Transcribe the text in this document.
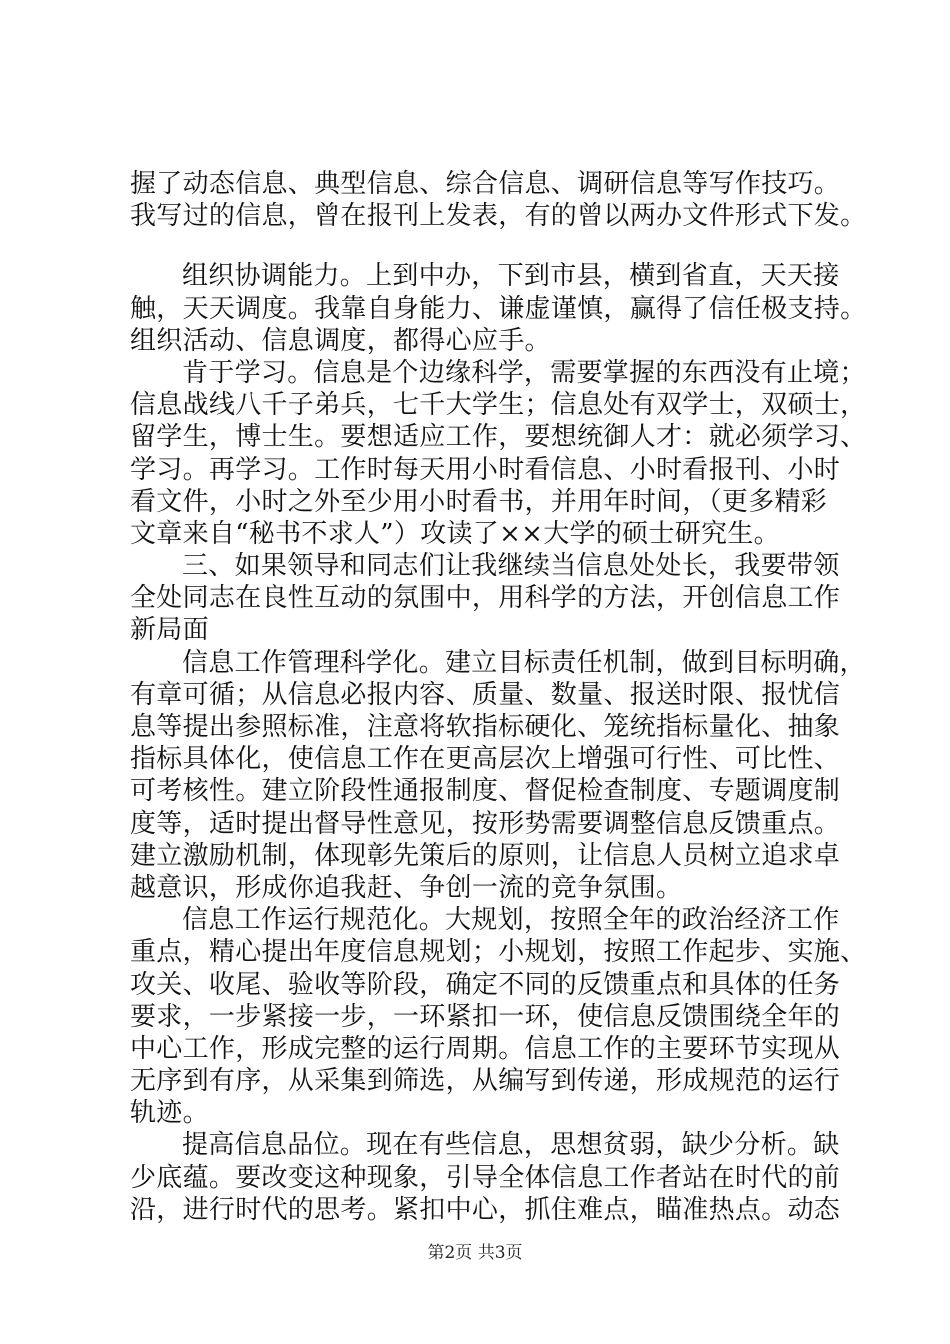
握了动态信息、典型信息、综合信息、调研信息等写作技巧。
我写过的信息，曾在报刊上发表，有的曾以两办文件形式下发。
组织协调能力。上到中办，下到市县，横到省直，天天接
触，天天调度。我靠自身能力、谦虚谨慎，赢得了信任极支持。
组织活动、信息调度，都得心应手。
肯于学习。信息是个边缘科学，需要掌握的东西没有止境；
信息战线八千子弟兵，七千大学生；信息处有双学士，双硕士，
留学生，博士生。要想适应工作，要想统御人才：就必须学习、
学习。再学习。工作时每天用小时看信息、小时看报刊、小时
看文件，小时之外至少用小时看书，并用年时间，（更多精彩
文章来自“秘书不求人”）攻读了××大学的硕士研究生。
三、如果领导和同志们让我继续当信息处处长，我要带领
全处同志在良性互动的氛围中，用科学的方法，开创信息工作
新局面
信息工作管理科学化。建立目标责任机制，做到目标明确，
有章可循；从信息必报内容、质量、数量、报送时限、报忧信
息等提出参照标准，注意将软指标硬化、笼统指标量化、抽象
指标具体化，使信息工作在更高层次上增强可行性、可比性、
可考核性。建立阶段性通报制度、督促检查制度、专题调度制
度等，适时提出督导性意见，按形势需要调整信息反馈重点。
建立激励机制，体现彰先策后的原则，让信息人员树立追求卓
越意识，形成你追我赶、争创一流的竞争氛围。
信息工作运行规范化。大规划，按照全年的政治经济工作
重点，精心提出年度信息规划；小规划，按照工作起步、实施、
攻关、收尾、验收等阶段，确定不同的反馈重点和具体的任务
要求，一步紧接一步，一环紧扣一环，使信息反馈围绕全年的
中心工作，形成完整的运行周期。信息工作的主要环节实现从
无序到有序，从采集到筛选，从编写到传递，形成规范的运行
轨迹。
提高信息品位。现在有些信息，思想贫弱，缺少分析。缺
少底蕴。要改变这种现象，引导全体信息工作者站在时代的前
沿，进行时代的思考。紧扣中心，抓住难点，瞄准热点。动态
第2页 共3页
